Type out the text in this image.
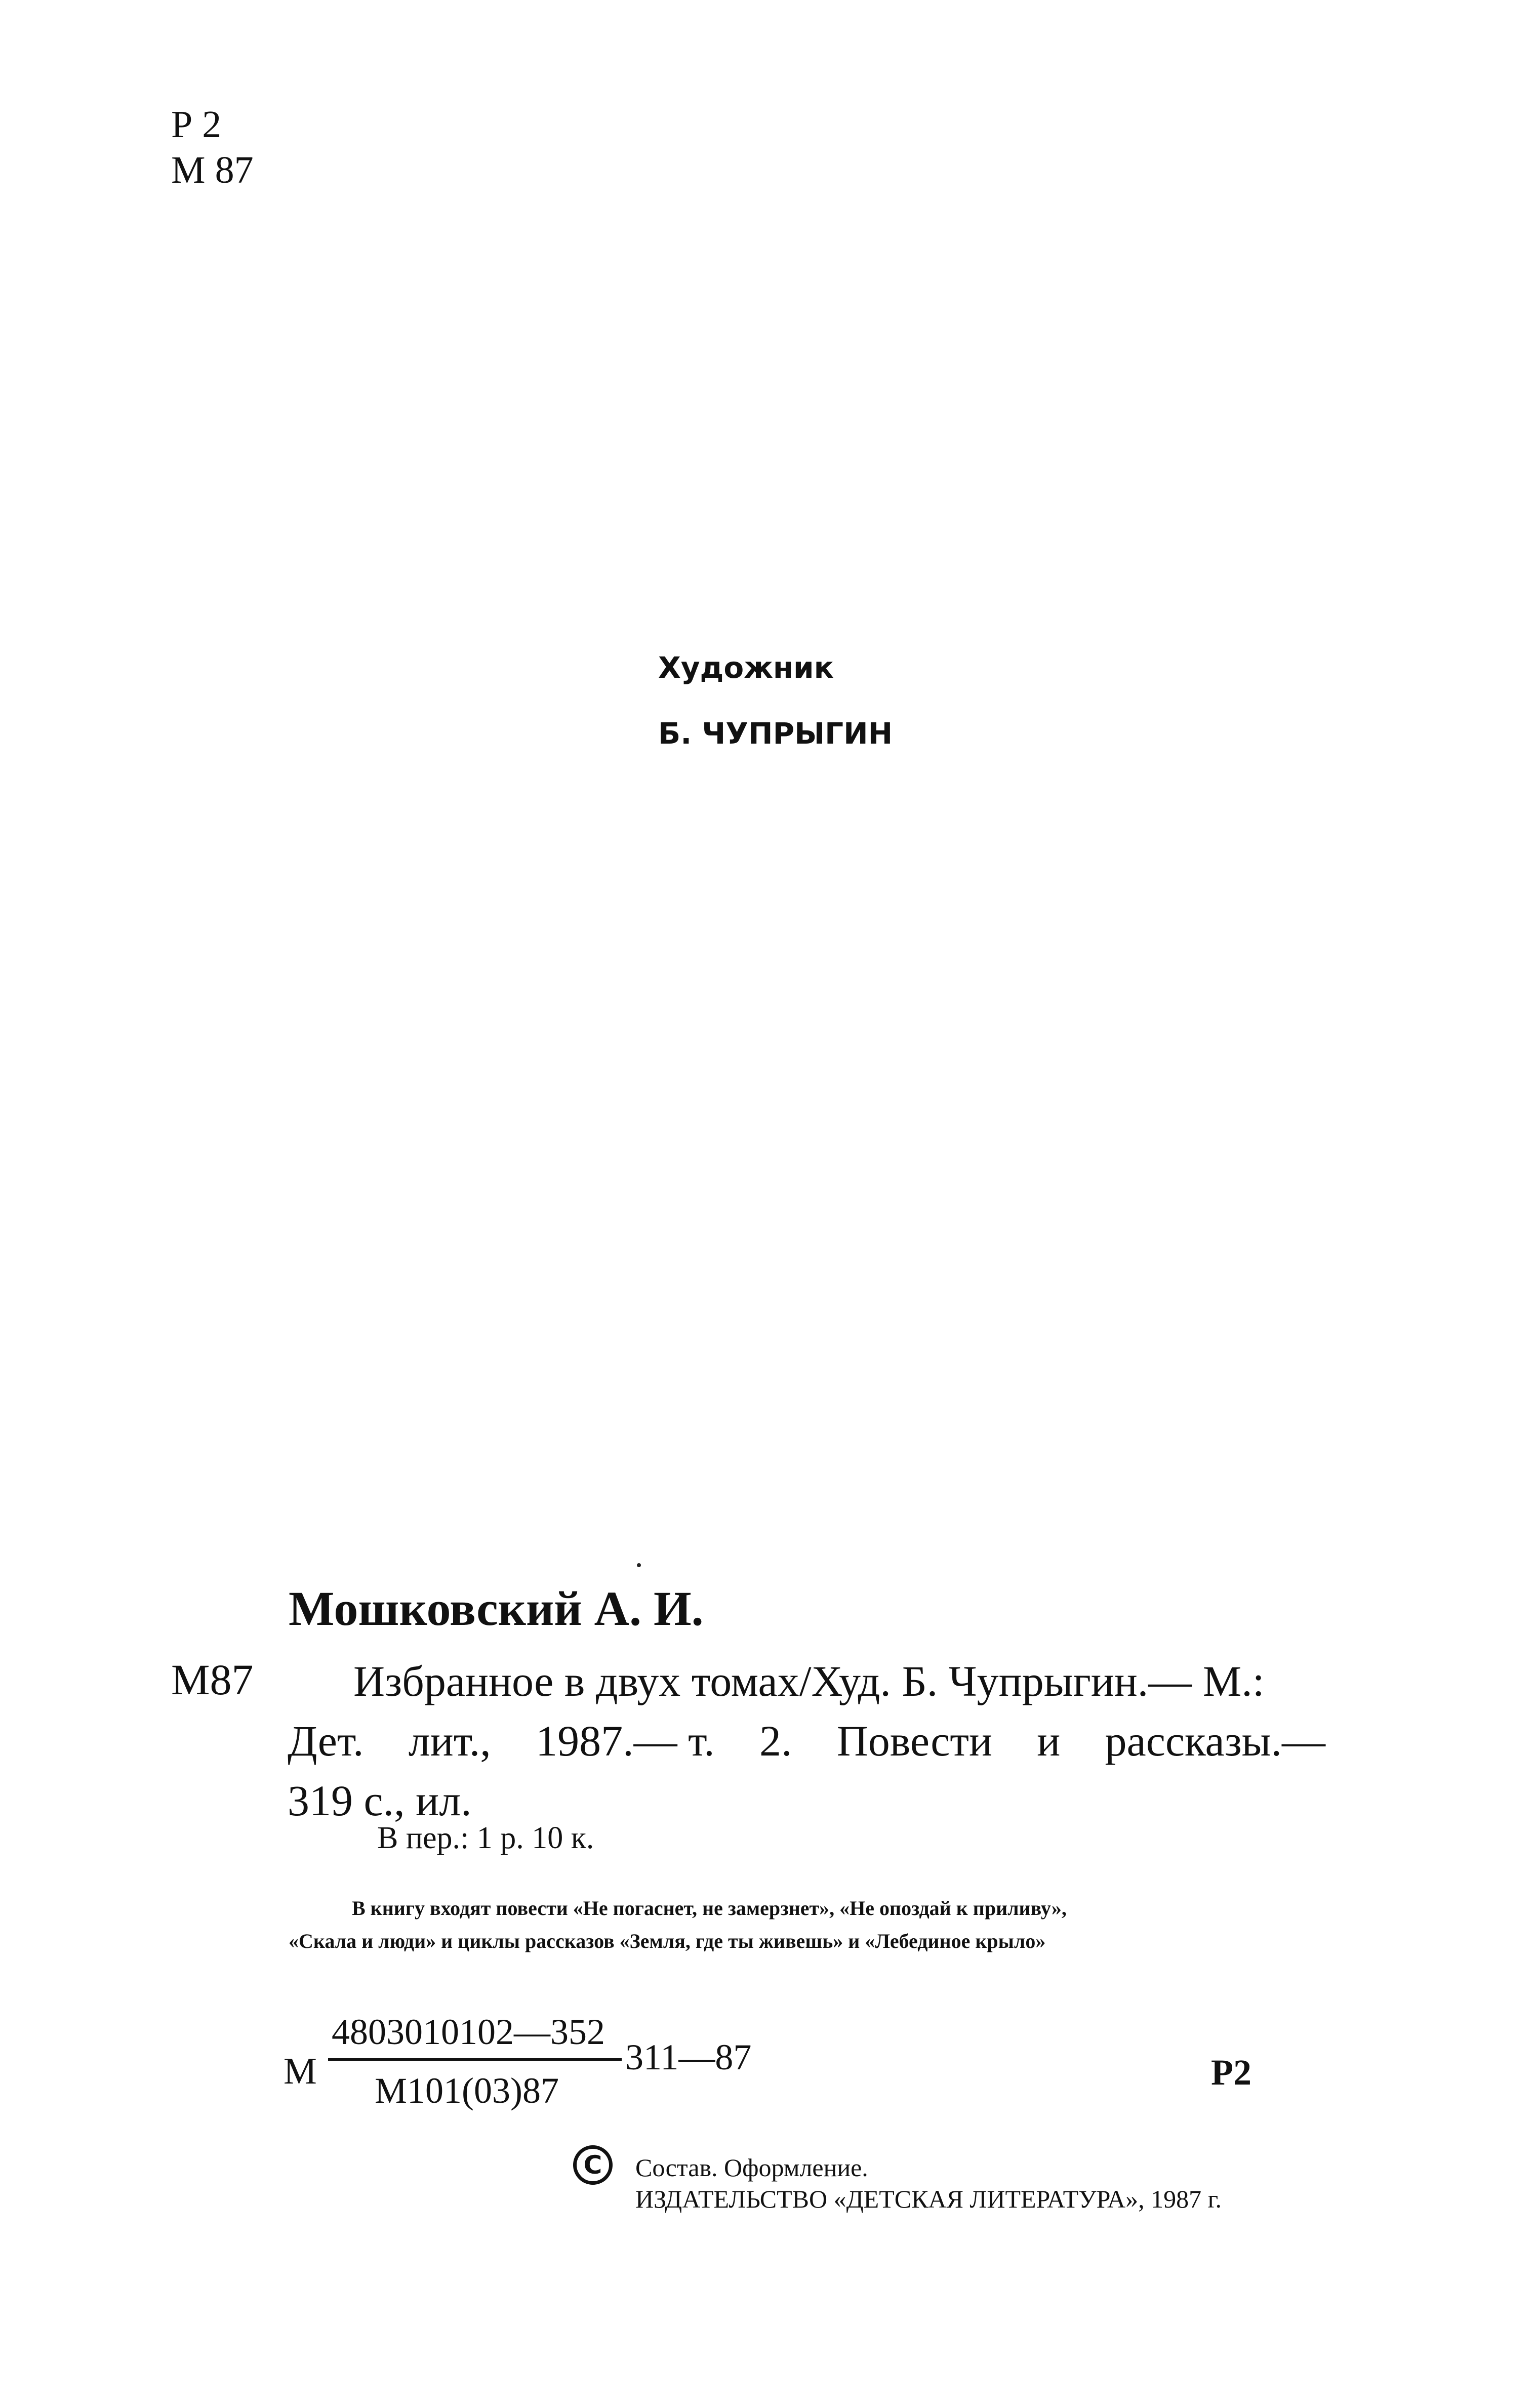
Р 2
М 87
Художник
Б. ЧУПРЫГИН
Мошковский А. И.
М87 Избранное в двух томах/Худ. Б. Чупрыгин.— М.:
Дет. лит., 1987.— т. 2. Повести и рассказы.—
319 с., ил.
В пер.: 1 р. 10 к.
В книгу входят повести «Не погаснет, не замерзнет», «Не опоздай к приливу»,
«Скала и люди» и циклы рассказов «Земля, где ты живешь» и «Лебединое крыло»
М
4803010102—352
М101(03)87
311—87	Р2
C Состав. Оформление.
ИЗДАТЕЛЬСТВО «ДЕТСКАЯ ЛИТЕРАТУРА», 1987 г.
